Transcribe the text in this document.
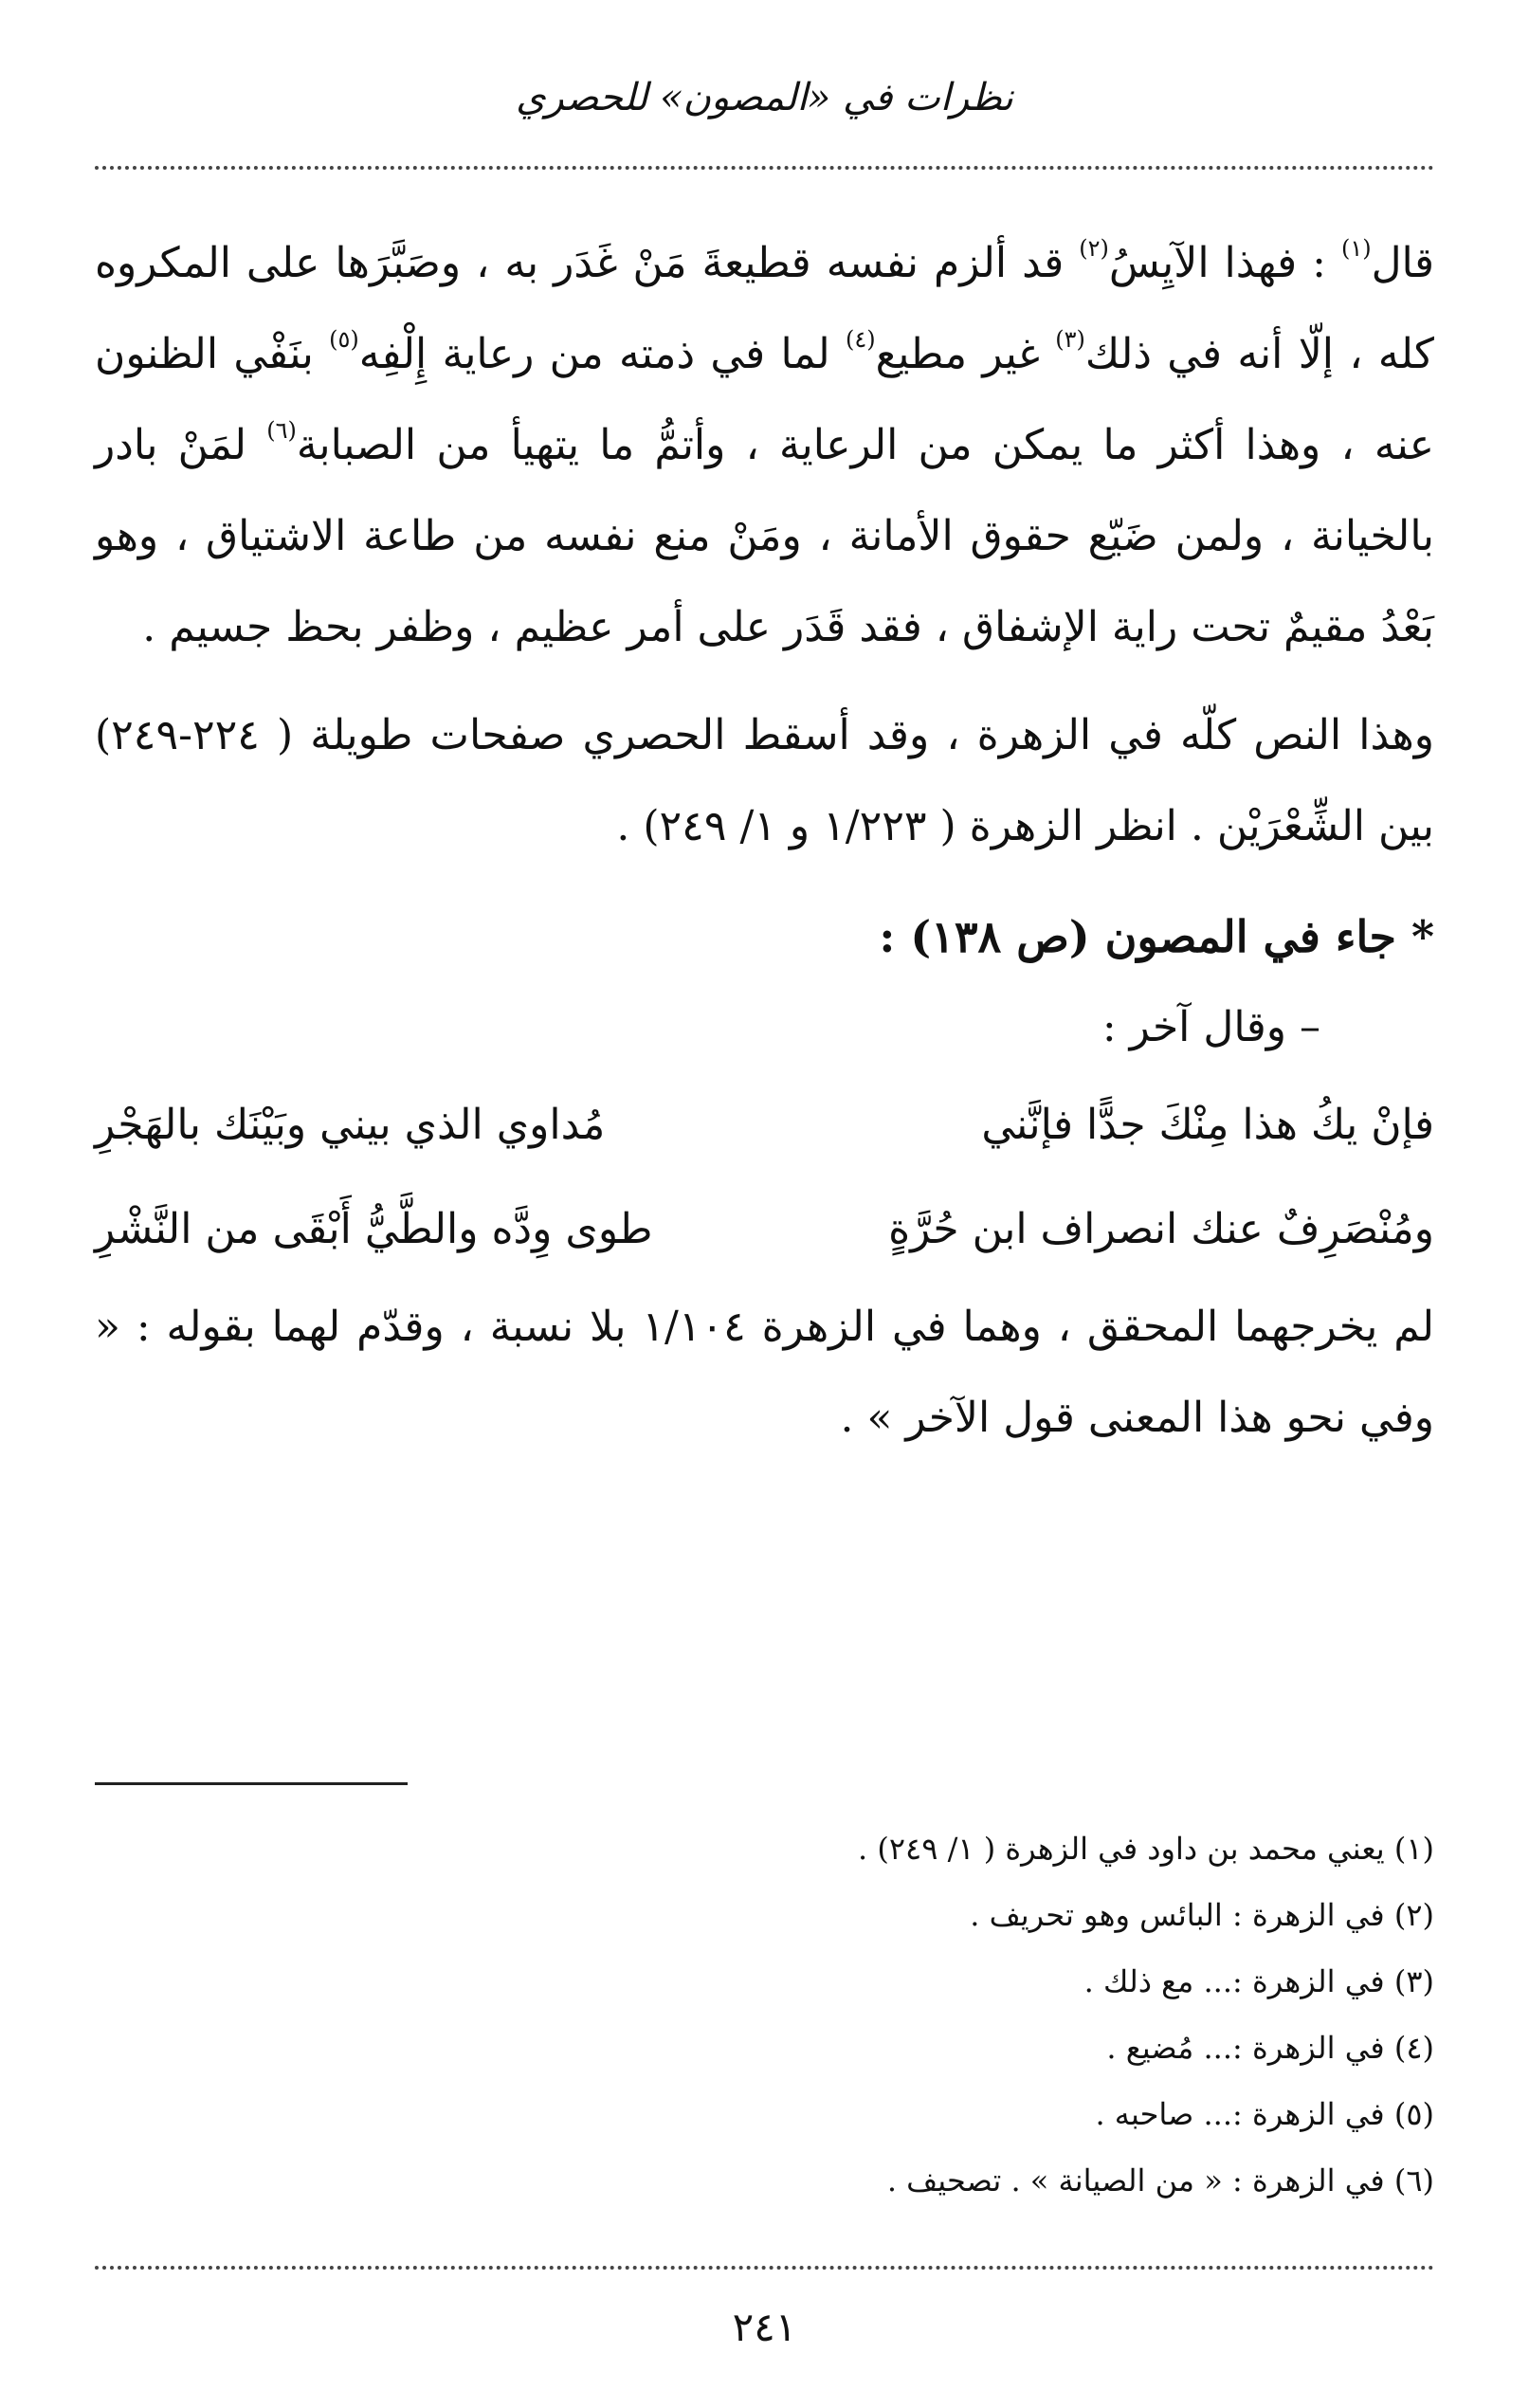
نظرات في «المصون» للحصري

قال$^{(١)}$ : فهذا الآيِسُ$^{(٢)}$ قد ألزم نفسه قطيعةَ مَنْ غَدَر به ، وصَبَّرَها على المكروه كله ، إلّا أنه في ذلك$^{(٣)}$ غير مطيع$^{(٤)}$ لما في ذمته من رعاية إِلْفِه$^{(٥)}$ بنَفْي الظنون عنه ، وهذا أكثر ما يمكن من الرعاية ، وأتمُّ ما يتهيأ من الصبابة$^{(٦)}$ لمَنْ بادر بالخيانة ، ولمن ضَيّع حقوق الأمانة ، ومَنْ منع نفسه من طاعة الاشتياق ، وهو بَعْدُ مقيمٌ تحت راية الإشفاق ، فقد قَدَر على أمر عظيم ، وظفر بحظ جسيم .

وهذا النص كلّه في الزهرة ، وقد أسقط الحصري صفحات طويلة ( ٢٢٤-٢٤٩) بين الشِّعْرَيْن . انظر الزهرة ( ١/٢٢٣ و ١/ ٢٤٩) .

* جاء في المصون (ص ١٣٨) :

– وقال آخر :

فإنْ يكُ هذا مِنْكَ جدًّا فإنَّني
مُداوي الذي بيني وبَيْنَك بالهَجْرِ
ومُنْصَرِفٌ عنك انصراف ابن حُرَّةٍ
طوى وِدَّه والطَّيُّ أَبْقَى من النَّشْرِ

لم يخرجهما المحقق ، وهما في الزهرة ١/١٠٤ بلا نسبة ، وقدّم لهما بقوله : « وفي نحو هذا المعنى قول الآخر » .

(١) يعني محمد بن داود في الزهرة ( ١/ ٢٤٩) .
(٢) في الزهرة : البائس وهو تحريف .
(٣) في الزهرة :... مع ذلك .
(٤) في الزهرة :... مُضيع .
(٥) في الزهرة :... صاحبه .
(٦) في الزهرة : « من الصيانة » . تصحيف .
٢٤١
